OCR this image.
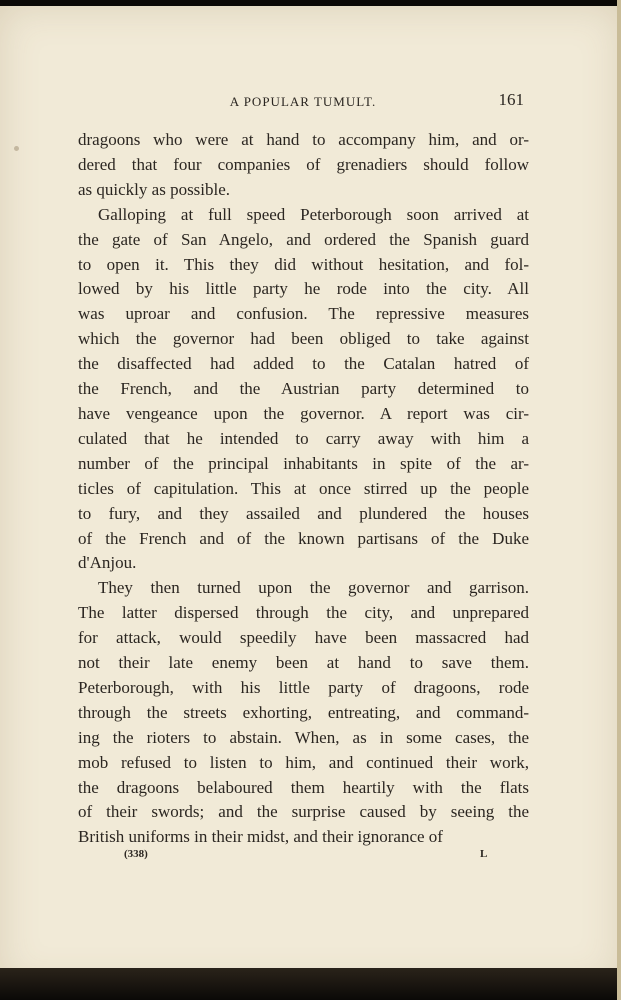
A POPULAR TUMULT.	161

dragoons who were at hand to accompany him, and or-
dered that four companies of grenadiers should follow
as quickly as possible.

Galloping at full speed Peterborough soon arrived at
the gate of San Angelo, and ordered the Spanish guard
to open it. This they did without hesitation, and fol-
lowed by his little party he rode into the city. All
was uproar and confusion. The repressive measures
which the governor had been obliged to take against
the disaffected had added to the Catalan hatred of
the French, and the Austrian party determined to
have vengeance upon the governor. A report was cir-
culated that he intended to carry away with him a
number of the principal inhabitants in spite of the ar-
ticles of capitulation. This at once stirred up the people
to fury, and they assailed and plundered the houses
of the French and of the known partisans of the Duke
d'Anjou.

They then turned upon the governor and garrison.
The latter dispersed through the city, and unprepared
for attack, would speedily have been massacred had
not their late enemy been at hand to save them.
Peterborough, with his little party of dragoons, rode
through the streets exhorting, entreating, and command-
ing the rioters to abstain. When, as in some cases, the
mob refused to listen to him, and continued their work,
the dragoons belaboured them heartily with the flats
of their swords; and the surprise caused by seeing the
British uniforms in their midst, and their ignorance of

(338)	L
